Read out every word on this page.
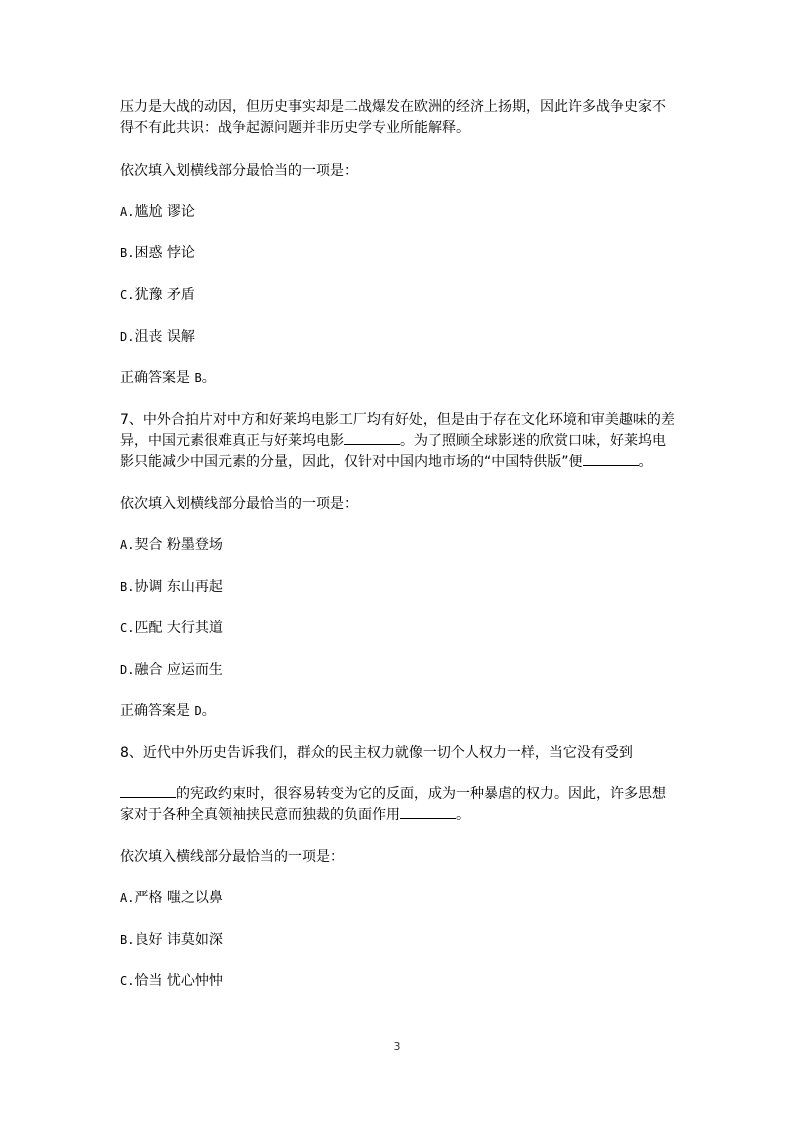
压力是大战的动因，但历史事实却是二战爆发在欧洲的经济上扬期，因此许多战争史家不
得不有此共识：战争起源问题并非历史学专业所能解释。
依次填入划横线部分最恰当的一项是：
A.尴尬 谬论
B.困惑 悖论
C.犹豫 矛盾
D.沮丧 误解
正确答案是 B。
7、中外合拍片对中方和好莱坞电影工厂均有好处，但是由于存在文化环境和审美趣味的差
异，中国元素很难真正与好莱坞电影	。为了照顾全球影迷的欣赏口味，好莱坞电
影只能减少中国元素的分量，因此，仅针对中国内地市场的“中国特供版”便	。
依次填入划横线部分最恰当的一项是：
A.契合 粉墨登场
B.协调 东山再起
C.匹配 大行其道
D.融合 应运而生
正确答案是 D。
8、近代中外历史告诉我们，群众的民主权力就像一切个人权力一样，当它没有受到
的宪政约束时，很容易转变为它的反面，成为一种暴虐的权力。因此，许多思想
家对于各种全真领袖挟民意而独裁的负面作用	。
依次填入横线部分最恰当的一项是：
A.严格 嗤之以鼻
B.良好 讳莫如深
C.恰当 忧心忡忡
3
